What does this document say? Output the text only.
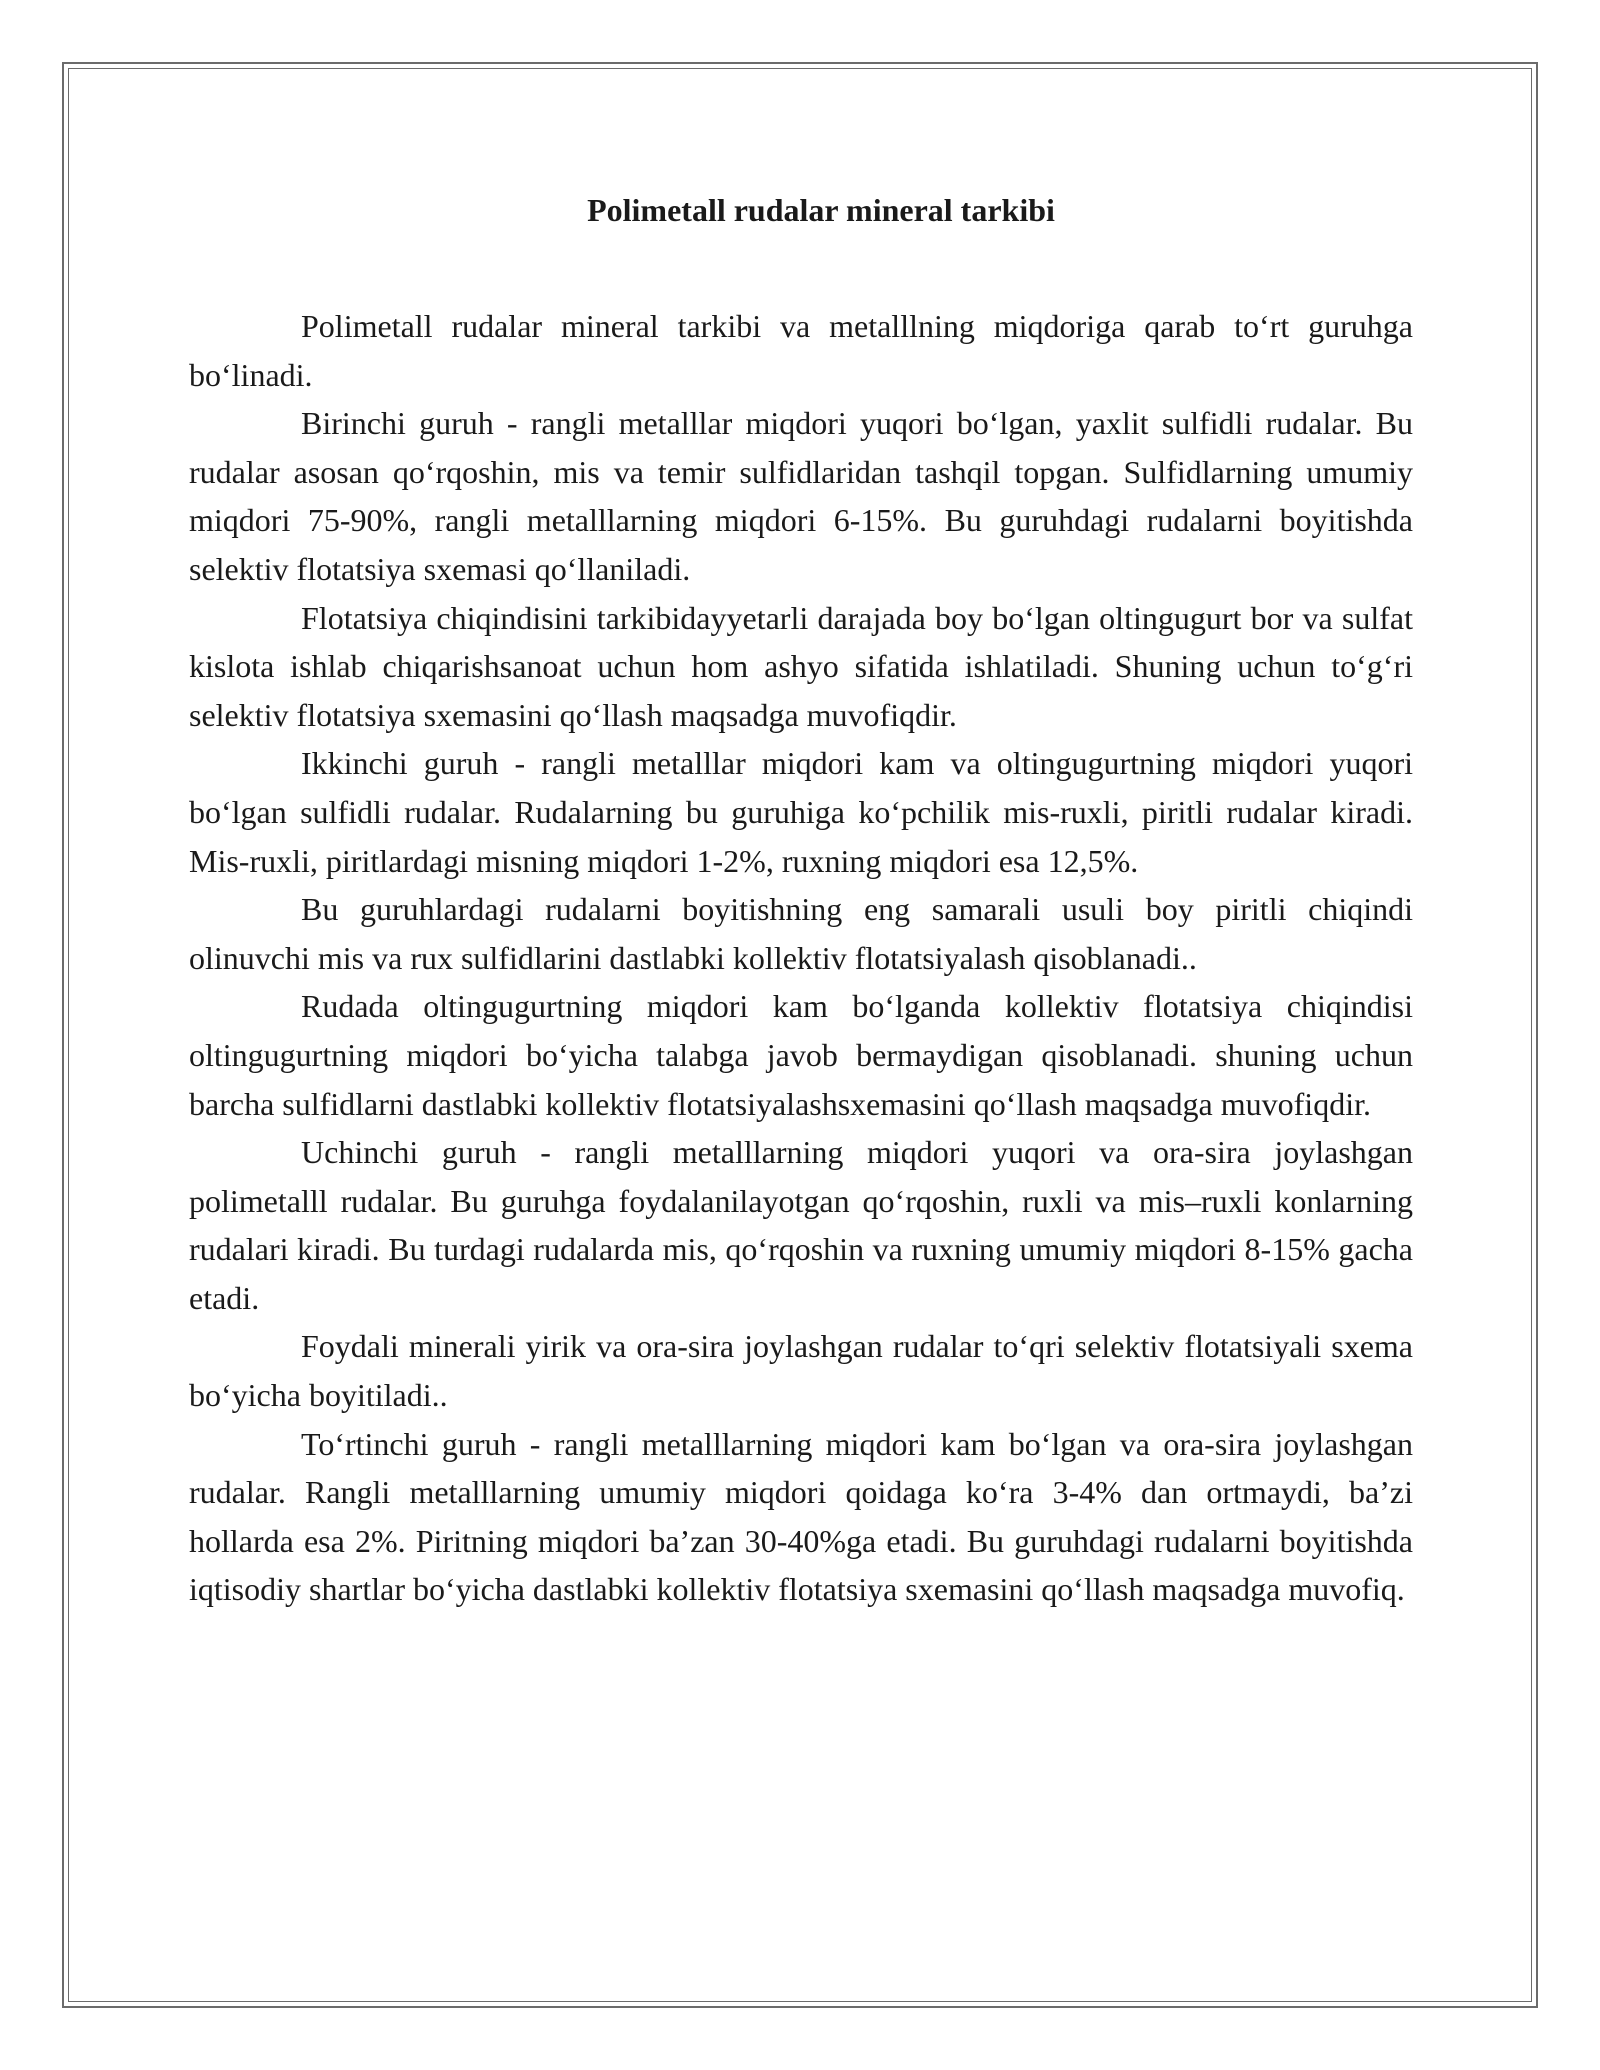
Polimetall rudalar mineral tarkibi

Polimetall rudalar mineral tarkibi va metalllning miqdoriga qarab to‘rt guruhga bo‘linadi.

Birinchi guruh - rangli metalllar miqdori yuqori bo‘lgan, yaxlit sulfidli rudalar. Bu rudalar asosan qo‘rqoshin, mis va temir sulfidlaridan tashqil topgan. Sulfidlarning umumiy miqdori 75-90%, rangli metalllarning miqdori 6-15%. Bu guruhdagi rudalarni boyitishda selektiv flotatsiya sxemasi qo‘llaniladi.

Flotatsiya chiqindisini tarkibidayyetarli darajada boy bo‘lgan oltingugurt bor va sulfat kislota ishlab chiqarishsanoat uchun hom ashyo sifatida ishlatiladi. Shuning uchun to‘g‘ri selektiv flotatsiya sxemasini qo‘llash maqsadga muvofiqdir.

Ikkinchi guruh - rangli metalllar miqdori kam va oltingugurtning miqdori yuqori bo‘lgan sulfidli rudalar. Rudalarning bu guruhiga ko‘pchilik mis-ruxli, piritli rudalar kiradi. Mis-ruxli, piritlardagi misning miqdori 1-2%, ruxning miqdori esa 12,5%.

Bu guruhlardagi rudalarni boyitishning eng samarali usuli boy piritli chiqindi olinuvchi mis va rux sulfidlarini dastlabki kollektiv flotatsiyalash qisoblanadi..

Rudada oltingugurtning miqdori kam bo‘lganda kollektiv flotatsiya chiqindisi oltingugurtning miqdori bo‘yicha talabga javob bermaydigan qisoblanadi. shuning uchun barcha sulfidlarni dastlabki kollektiv flotatsiyalashsxemasini qo‘llash maqsadga muvofiqdir.

Uchinchi guruh - rangli metalllarning miqdori yuqori va ora-sira joylashgan polimetalll rudalar. Bu guruhga foydalanilayotgan qo‘rqoshin, ruxli va mis–ruxli konlarning rudalari kiradi. Bu turdagi rudalarda mis, qo‘rqoshin va ruxning umumiy miqdori 8-15% gacha etadi.

Foydali minerali yirik va ora-sira joylashgan rudalar to‘qri selektiv flotatsiyali sxema bo‘yicha boyitiladi..

To‘rtinchi guruh - rangli metalllarning miqdori kam bo‘lgan va ora-sira joylashgan rudalar. Rangli metalllarning umumiy miqdori qoidaga ko‘ra 3-4% dan ortmaydi, ba’zi hollarda esa 2%. Piritning miqdori ba’zan 30-40%ga etadi. Bu guruhdagi rudalarni boyitishda iqtisodiy shartlar bo‘yicha dastlabki kollektiv flotatsiya sxemasini qo‘llash maqsadga muvofiq.
